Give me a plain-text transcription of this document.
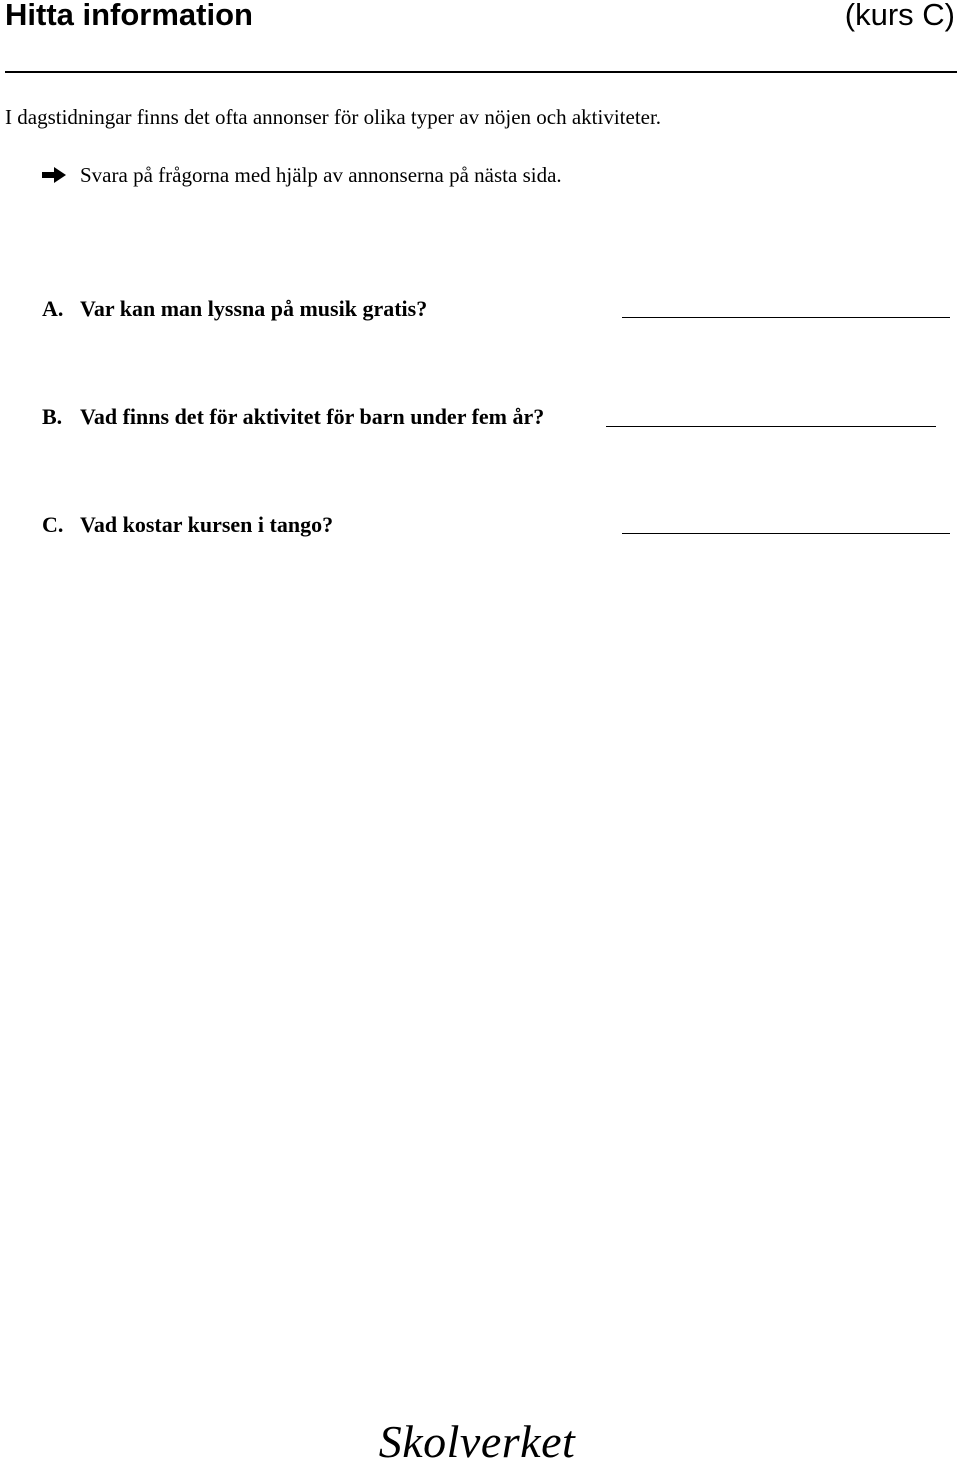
Hitta information	(kurs C)
I dagstidningar finns det ofta annonser för olika typer av nöjen och aktiviteter.
Svara på frågorna med hjälp av annonserna på nästa sida.
A. Var kan man lyssna på musik gratis?
B. Vad finns det för aktivitet för barn under fem år?
C. Vad kostar kursen i tango?
Skolverket
